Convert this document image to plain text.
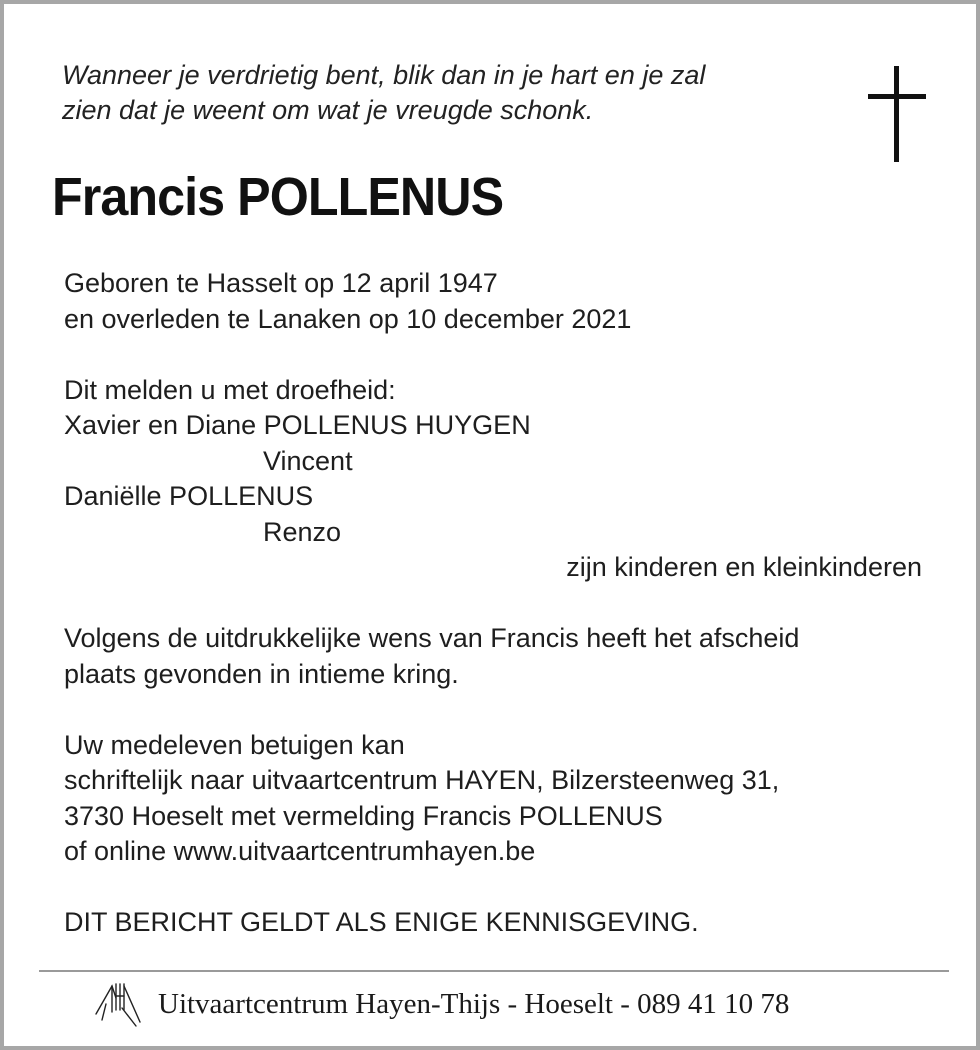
Wanneer je verdrietig bent, blik dan in je hart en je zal
zien dat je weent om wat je vreugde schonk.
Francis POLLENUS
Geboren te Hasselt op 12 april 1947
en overleden te Lanaken op 10 december 2021
Dit melden u met droefheid:
Xavier en Diane POLLENUS HUYGEN
Vincent
Daniëlle POLLENUS
Renzo
zijn kinderen en kleinkinderen
Volgens de uitdrukkelijke wens van Francis heeft het afscheid
plaats gevonden in intieme kring.
Uw medeleven betuigen kan
schriftelijk naar uitvaartcentrum HAYEN, Bilzersteenweg 31,
3730 Hoeselt met vermelding Francis POLLENUS
of online www.uitvaartcentrumhayen.be
DIT BERICHT GELDT ALS ENIGE KENNISGEVING.
Uitvaartcentrum Hayen-Thijs - Hoeselt - 089 41 10 78
